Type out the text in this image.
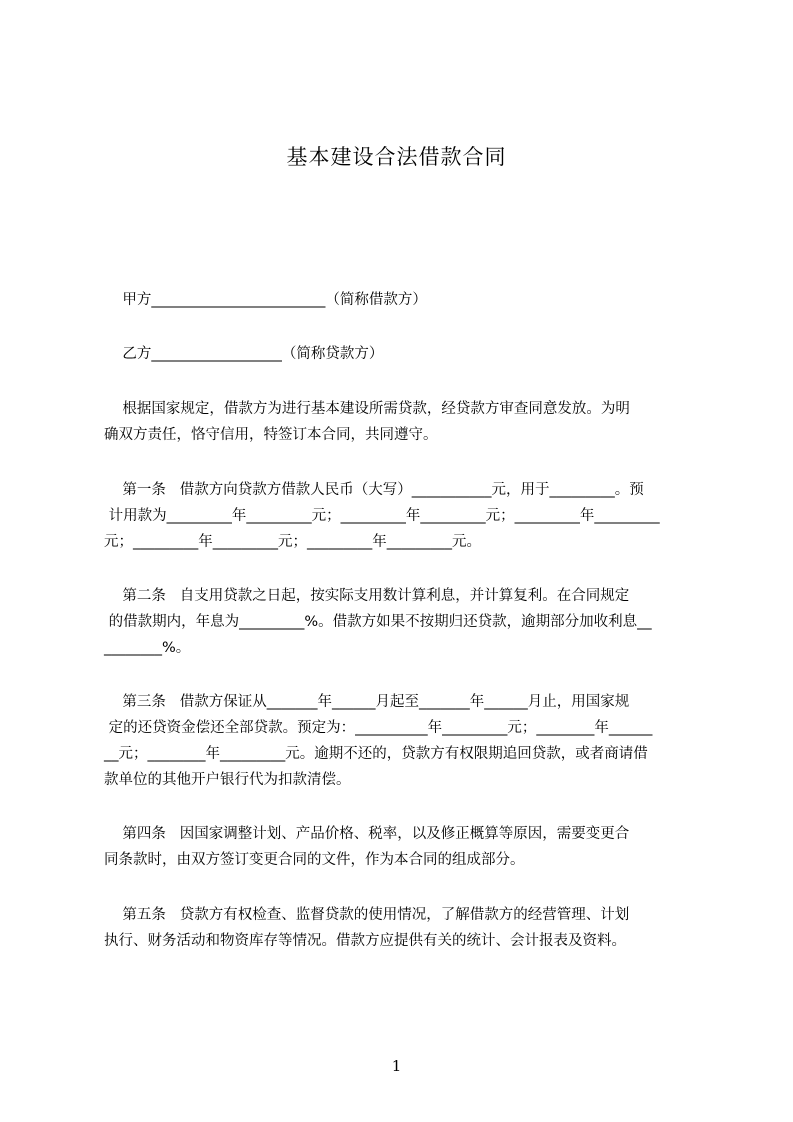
基本建设合法借款合同
甲方________________________（简称借款方）
乙方__________________（简称贷款方）
根据国家规定，借款方为进行基本建设所需贷款，经贷款方审查同意发放。为明
确双方责任，恪守信用，特签订本合同，共同遵守。
第一条   借款方向贷款方借款人民币（大写）___________元，用于_________。预
计用款为_________年_________元；_________年_________元；_________年_________
元；_________年_________元；_________年_________元。
第二条   自支用贷款之日起，按实际支用数计算利息，并计算复利。在合同规定
的借款期内，年息为_________%。借款方如果不按期归还贷款，逾期部分加收利息__
________%。
第三条   借款方保证从_______年______月起至_______年______月止，用国家规
定的还贷资金偿还全部贷款。预定为：__________年_________元；________年______
__元；________年_________元。逾期不还的，贷款方有权限期追回贷款，或者商请借
款单位的其他开户银行代为扣款清偿。
第四条   因国家调整计划、产品价格、税率，以及修正概算等原因，需要变更合
同条款时，由双方签订变更合同的文件，作为本合同的组成部分。
第五条   贷款方有权检查、监督贷款的使用情况，了解借款方的经营管理、计划
执行、财务活动和物资库存等情况。借款方应提供有关的统计、会计报表及资料。
1
